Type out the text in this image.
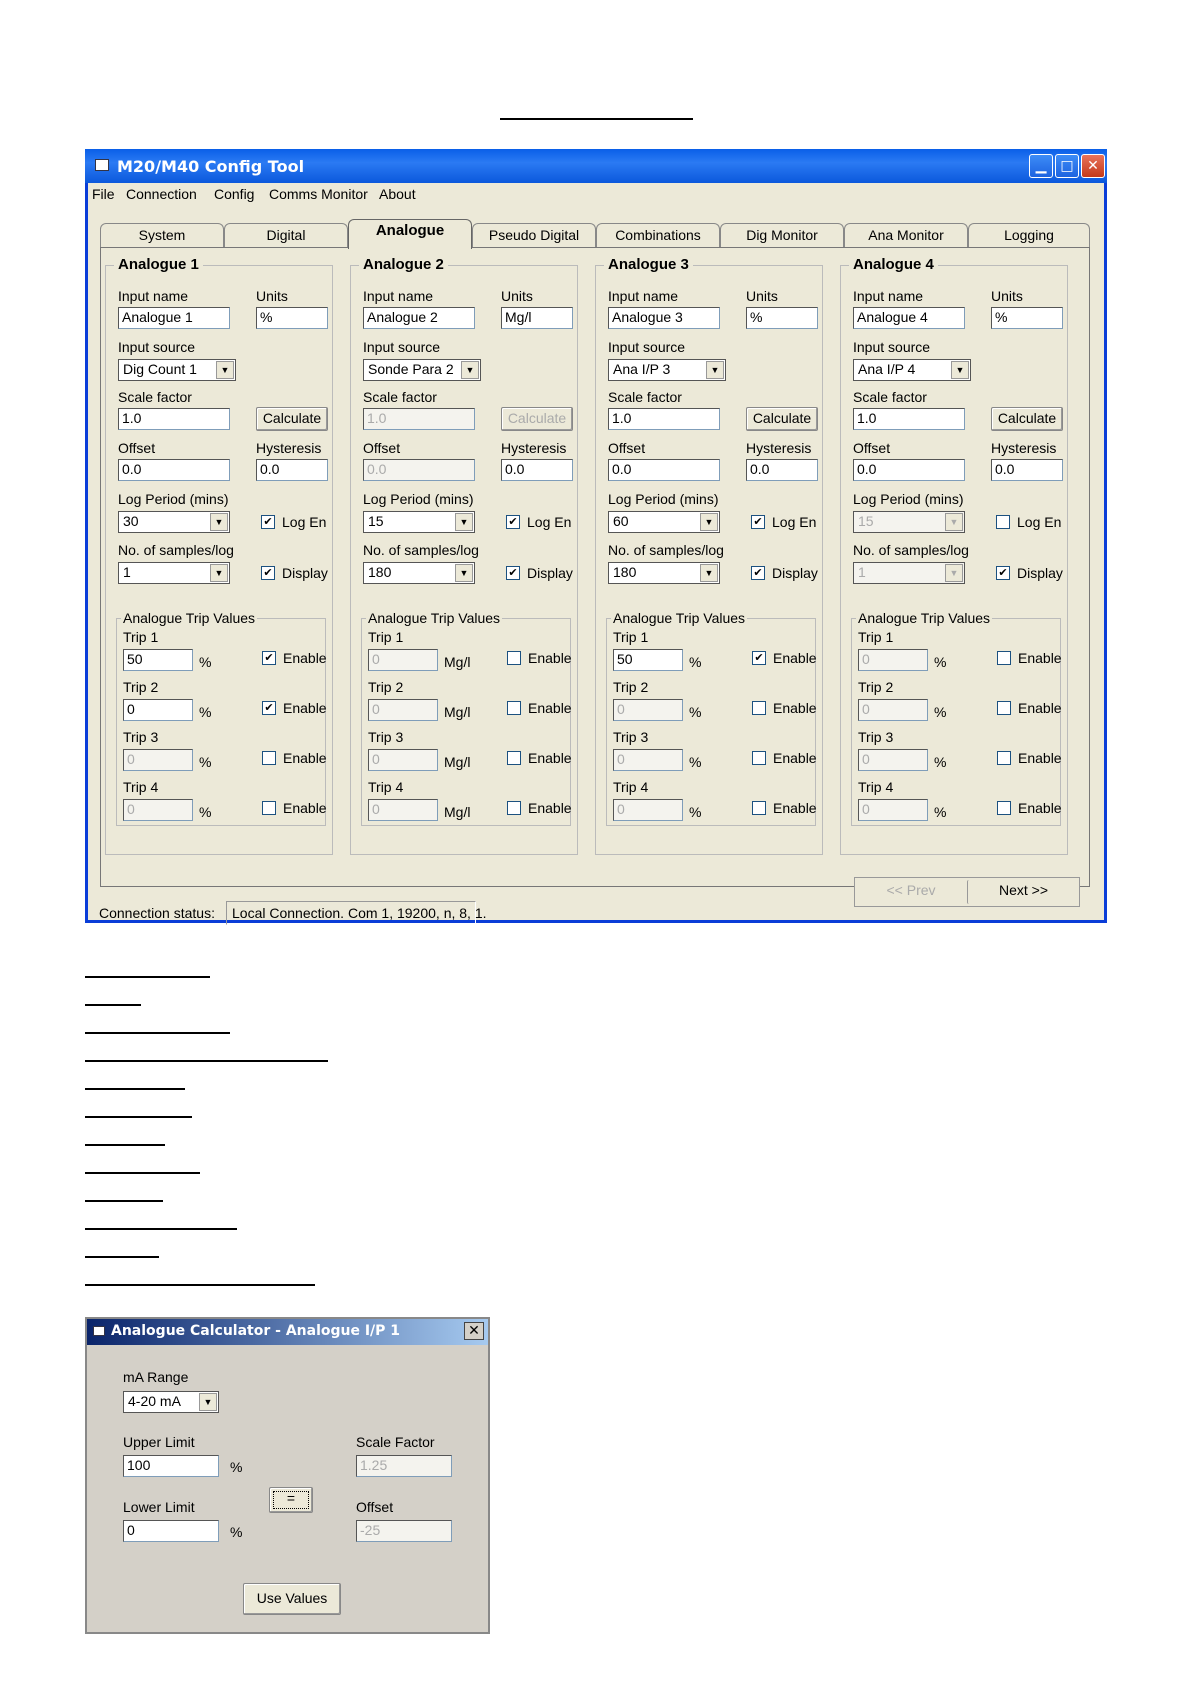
M20/M40 Config Tool	▁ □ ✕
File Connection Config Comms Monitor About
System	Digital	Analogue	Pseudo Digital	Combinations	Dig Monitor	Ana Monitor	Logging
Analogue 1
Input name	Units
Analogue 1	%
Input source
Dig Count 1	▼
Scale factor
1.0	Calculate
Offset	Hysteresis
0.0	0.0
Log Period (mins)
30	▼	✔ Log En
No. of samples/log
1	▼	✔ Display
Analogue Trip Values
Trip 1
50	%	✔ Enable
Trip 2
0	%	✔ Enable
Trip 3
0	%	Enable
Trip 4
0	%	Enable
Analogue 2
Input name	Units
Analogue 2	Mg/l
Input source
Sonde Para 2	▼
Scale factor
1.0	Calculate
Offset	Hysteresis
0.0	0.0
Log Period (mins)
15	▼	✔ Log En
No. of samples/log
180	▼	✔ Display
Analogue Trip Values
Trip 1
0	Mg/l	Enable
Trip 2
0	Mg/l	Enable
Trip 3
0	Mg/l	Enable
Trip 4
0	Mg/l	Enable
Analogue 3
Input name	Units
Analogue 3	%
Input source
Ana I/P 3	▼
Scale factor
1.0	Calculate
Offset	Hysteresis
0.0	0.0
Log Period (mins)
60	▼	✔ Log En
No. of samples/log
180	▼	✔ Display
Analogue Trip Values
Trip 1
50	%	✔ Enable
Trip 2
0	%	Enable
Trip 3
0	%	Enable
Trip 4
0	%	Enable
Analogue 4
Input name	Units
Analogue 4	%
Input source
Ana I/P 4	▼
Scale factor
1.0	Calculate
Offset	Hysteresis
0.0	0.0
Log Period (mins)
15	▼	Log En
No. of samples/log
1	▼	✔ Display
Analogue Trip Values
Trip 1
0	%	Enable
Trip 2
0	%	Enable
Trip 3
0	%	Enable
Trip 4
0	%	Enable
<< Prev	Next >>
Connection status:	Local Connection. Com 1, 19200, n, 8, 1.
Analogue Calculator - Analogue I/P 1	✕
mA Range
4-20 mA	▼
Upper Limit
100	%
Lower Limit
0	%
=
Scale Factor
1.25
Offset
-25
Use Values
